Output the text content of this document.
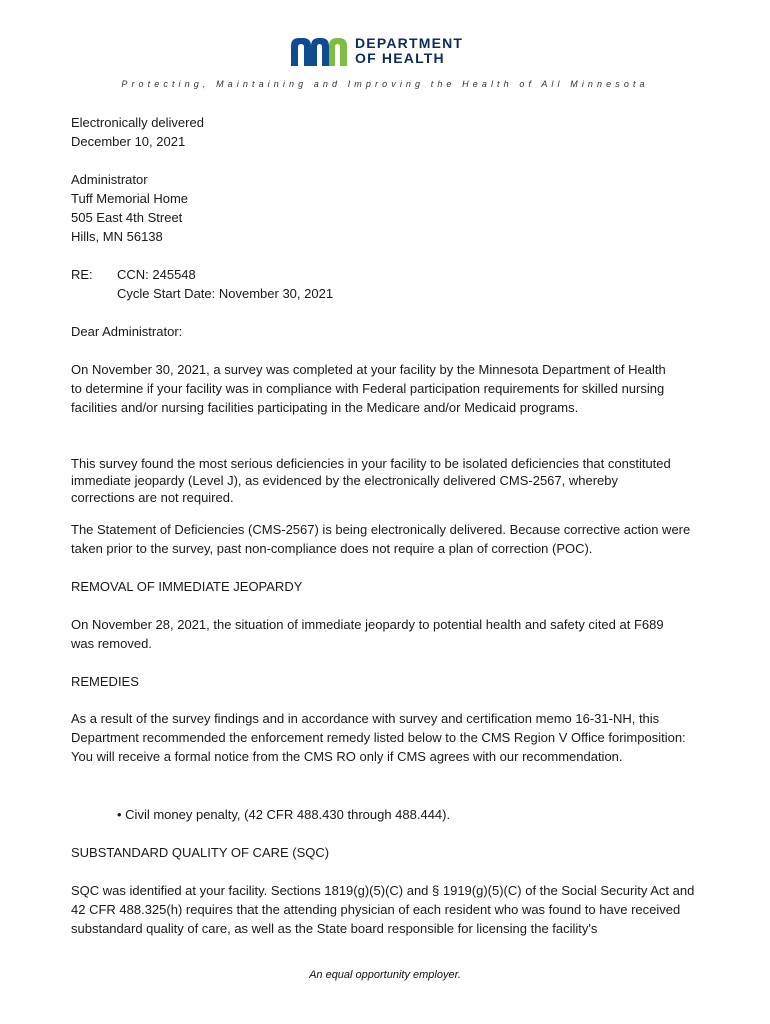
DEPARTMENT
OF HEALTH
Protecting, Maintaining and Improving the Health of All Minnesota

Electronically delivered

December 10, 2021

Administrator

Tuff Memorial Home

505 East 4th Street

Hills, MN 56138

RE:	CCN: 245548

Cycle Start Date: November 30, 2021

Dear Administrator:
On November 30, 2021, a survey was completed at your facility by the Minnesota Department of Health to determine if your facility was in compliance with Federal participation requirements for skilled nursing facilities and/or nursing facilities participating in the Medicare and/or Medicaid programs.
This survey found the most serious deficiencies in your facility to be isolated deficiencies that constituted immediate jeopardy (Level J), as evidenced by the electronically delivered CMS-2567, whereby corrections are not required.
The Statement of Deficiencies (CMS-2567) is being electronically delivered. Because corrective action were taken prior to the survey, past non-compliance does not require a plan of correction (POC).
REMOVAL OF IMMEDIATE JEOPARDY
On November 28, 2021, the situation of immediate jeopardy to potential health and safety cited at F689 was removed.
REMEDIES
As a result of the survey findings and in accordance with survey and certification memo 16-31-NH, this Department recommended the enforcement remedy listed below to the CMS Region V Office forimposition: You will receive a formal notice from the CMS RO only if CMS agrees with our recommendation.
• Civil money penalty, (42 CFR 488.430 through 488.444).
SUBSTANDARD QUALITY OF CARE (SQC)
SQC was identified at your facility. Sections 1819(g)(5)(C) and § 1919(g)(5)(C) of the Social Security Act and 42 CFR 488.325(h) requires that the attending physician of each resident who was found to have received substandard quality of care, as well as the State board responsible for licensing the facility's
An equal opportunity employer.
